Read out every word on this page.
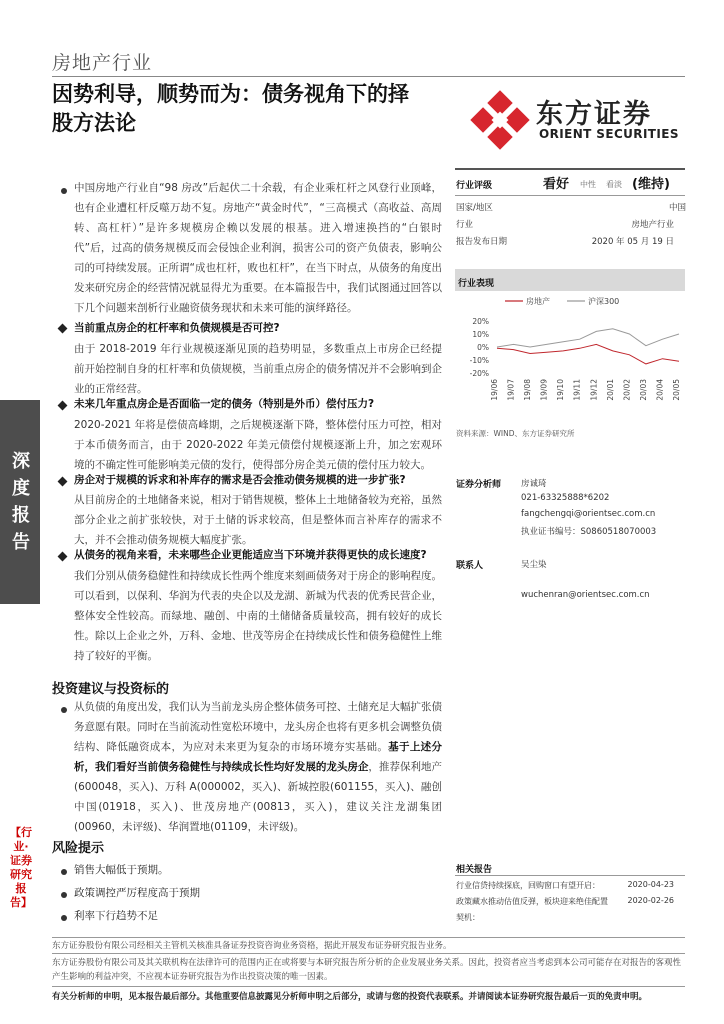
房地产行业
因势利导，顺势而为：债务视角下的择
股方法论	东方证券
ORIENT SECURITIES
深度报告
【行业·证券研究报告】
中国房地产行业自“98 房改”后起伏二十余载，有企业乘杠杆之风登行业顶峰，也有企业遭杠杆反噬万劫不复。房地产“黄金时代”，“三高模式（高收益、高周转、高杠杆）”是许多规模房企赖以发展的根基。进入增速换挡的“白银时代”后，过高的债务规模反而会侵蚀企业利润，损害公司的资产负债表，影响公司的可持续发展。正所谓“成也杠杆，败也杠杆”，在当下时点，从债务的角度出发来研究房企的经营情况就显得尤为重要。在本篇报告中，我们试图通过回答以下几个问题来剖析行业融资债务现状和未来可能的演绎路径。
当前重点房企的杠杆率和负债规模是否可控?
由于 2018-2019 年行业规模逐渐见顶的趋势明显，多数重点上市房企已经提前开始控制自身的杠杆率和负债规模，当前重点房企的债务情况并不会影响到企业的正常经营。
未来几年重点房企是否面临一定的债务（特别是外币）偿付压力?
2020-2021 年将是偿债高峰期，之后规模逐渐下降，整体偿付压力可控，相对于本币债务而言，由于 2020-2022 年美元债偿付规模逐渐上升，加之宏观环境的不确定性可能影响美元债的发行，使得部分房企美元债的偿付压力较大。
房企对于规模的诉求和补库存的需求是否会推动债务规模的进一步扩张?
从目前房企的土地储备来说，相对于销售规模，整体上土地储备较为充裕，虽然部分企业之前扩张较快，对于土储的诉求较高，但是整体而言补库存的需求不大，并不会推动债务规模大幅度扩张。
从债务的视角来看，未来哪些企业更能适应当下环境并获得更快的成长速度?
我们分别从债务稳健性和持续成长性两个维度来刻画债务对于房企的影响程度。 可以看到，以保利、华润为代表的央企以及龙湖、新城为代表的优秀民营企业，整体安全性较高。而绿地、融创、中南的土储储备质量较高，拥有较好的成长性。除以上企业之外，万科、金地、世茂等房企在持续成长性和债务稳健性上维持了较好的平衡。
投资建议与投资标的
从负债的角度出发，我们认为当前龙头房企整体债务可控、土储充足大幅扩张债务意愿有限。同时在当前流动性宽松环境中，龙头房企也将有更多机会调整负债结构、降低融资成本，为应对未来更为复杂的市场环境夯实基础。基于上述分析，我们看好当前债务稳健性与持续成长性均好发展的龙头房企，推荐保利地产(600048，买入)、万科 A(000002，买入)、新城控股(601155，买入)、融创中国(01918，买入)、世茂房地产(00813，买入)，建议关注龙湖集团(00960，未评级)、华润置地(01109，未评级)。
风险提示
销售大幅低于预期。
政策调控严厉程度高于预期
利率下行趋势不足
行业评级	看好 中性 看淡 (维持)
国家/地区	中国
行业	房地产行业
报告发布日期	2020 年 05 月 19 日
行业表现
房地产	沪深300
20%
10%
0%
-10%
-20%
19/06 19/07 19/08 19/09 19/10 19/11 19/12 20/01 20/02 20/03 20/04 20/05
资料来源：WIND、东方证券研究所
证券分析师 房诚琦
021-63325888*6202
fangchengqi@orientsec.com.cn
执业证书编号：S0860518070003
联系人	吴尘染
wuchenran@orientsec.com.cn
相关报告
行业信贷持续探底，回购窗口有望开启：	2020-04-23
政策藏水推动估值反弹，板块迎来绝佳配置 2020-02-26
契机：
东方证券股份有限公司经相关主管机关核准具备证券投资咨询业务资格，据此开展发布证券研究报告业务。
东方证券股份有限公司及其关联机构在法律许可的范围内正在或将要与本研究报告所分析的企业发展业务关系。因此，投资者应当考虑到本公司可能存在对报告的客观性产生影响的利益冲突，不应视本证券研究报告为作出投资决策的唯一因素。
有关分析师的申明，见本报告最后部分。其他重要信息披露见分析师申明之后部分，或请与您的投资代表联系。并请阅读本证券研究报告最后一页的免责申明。
